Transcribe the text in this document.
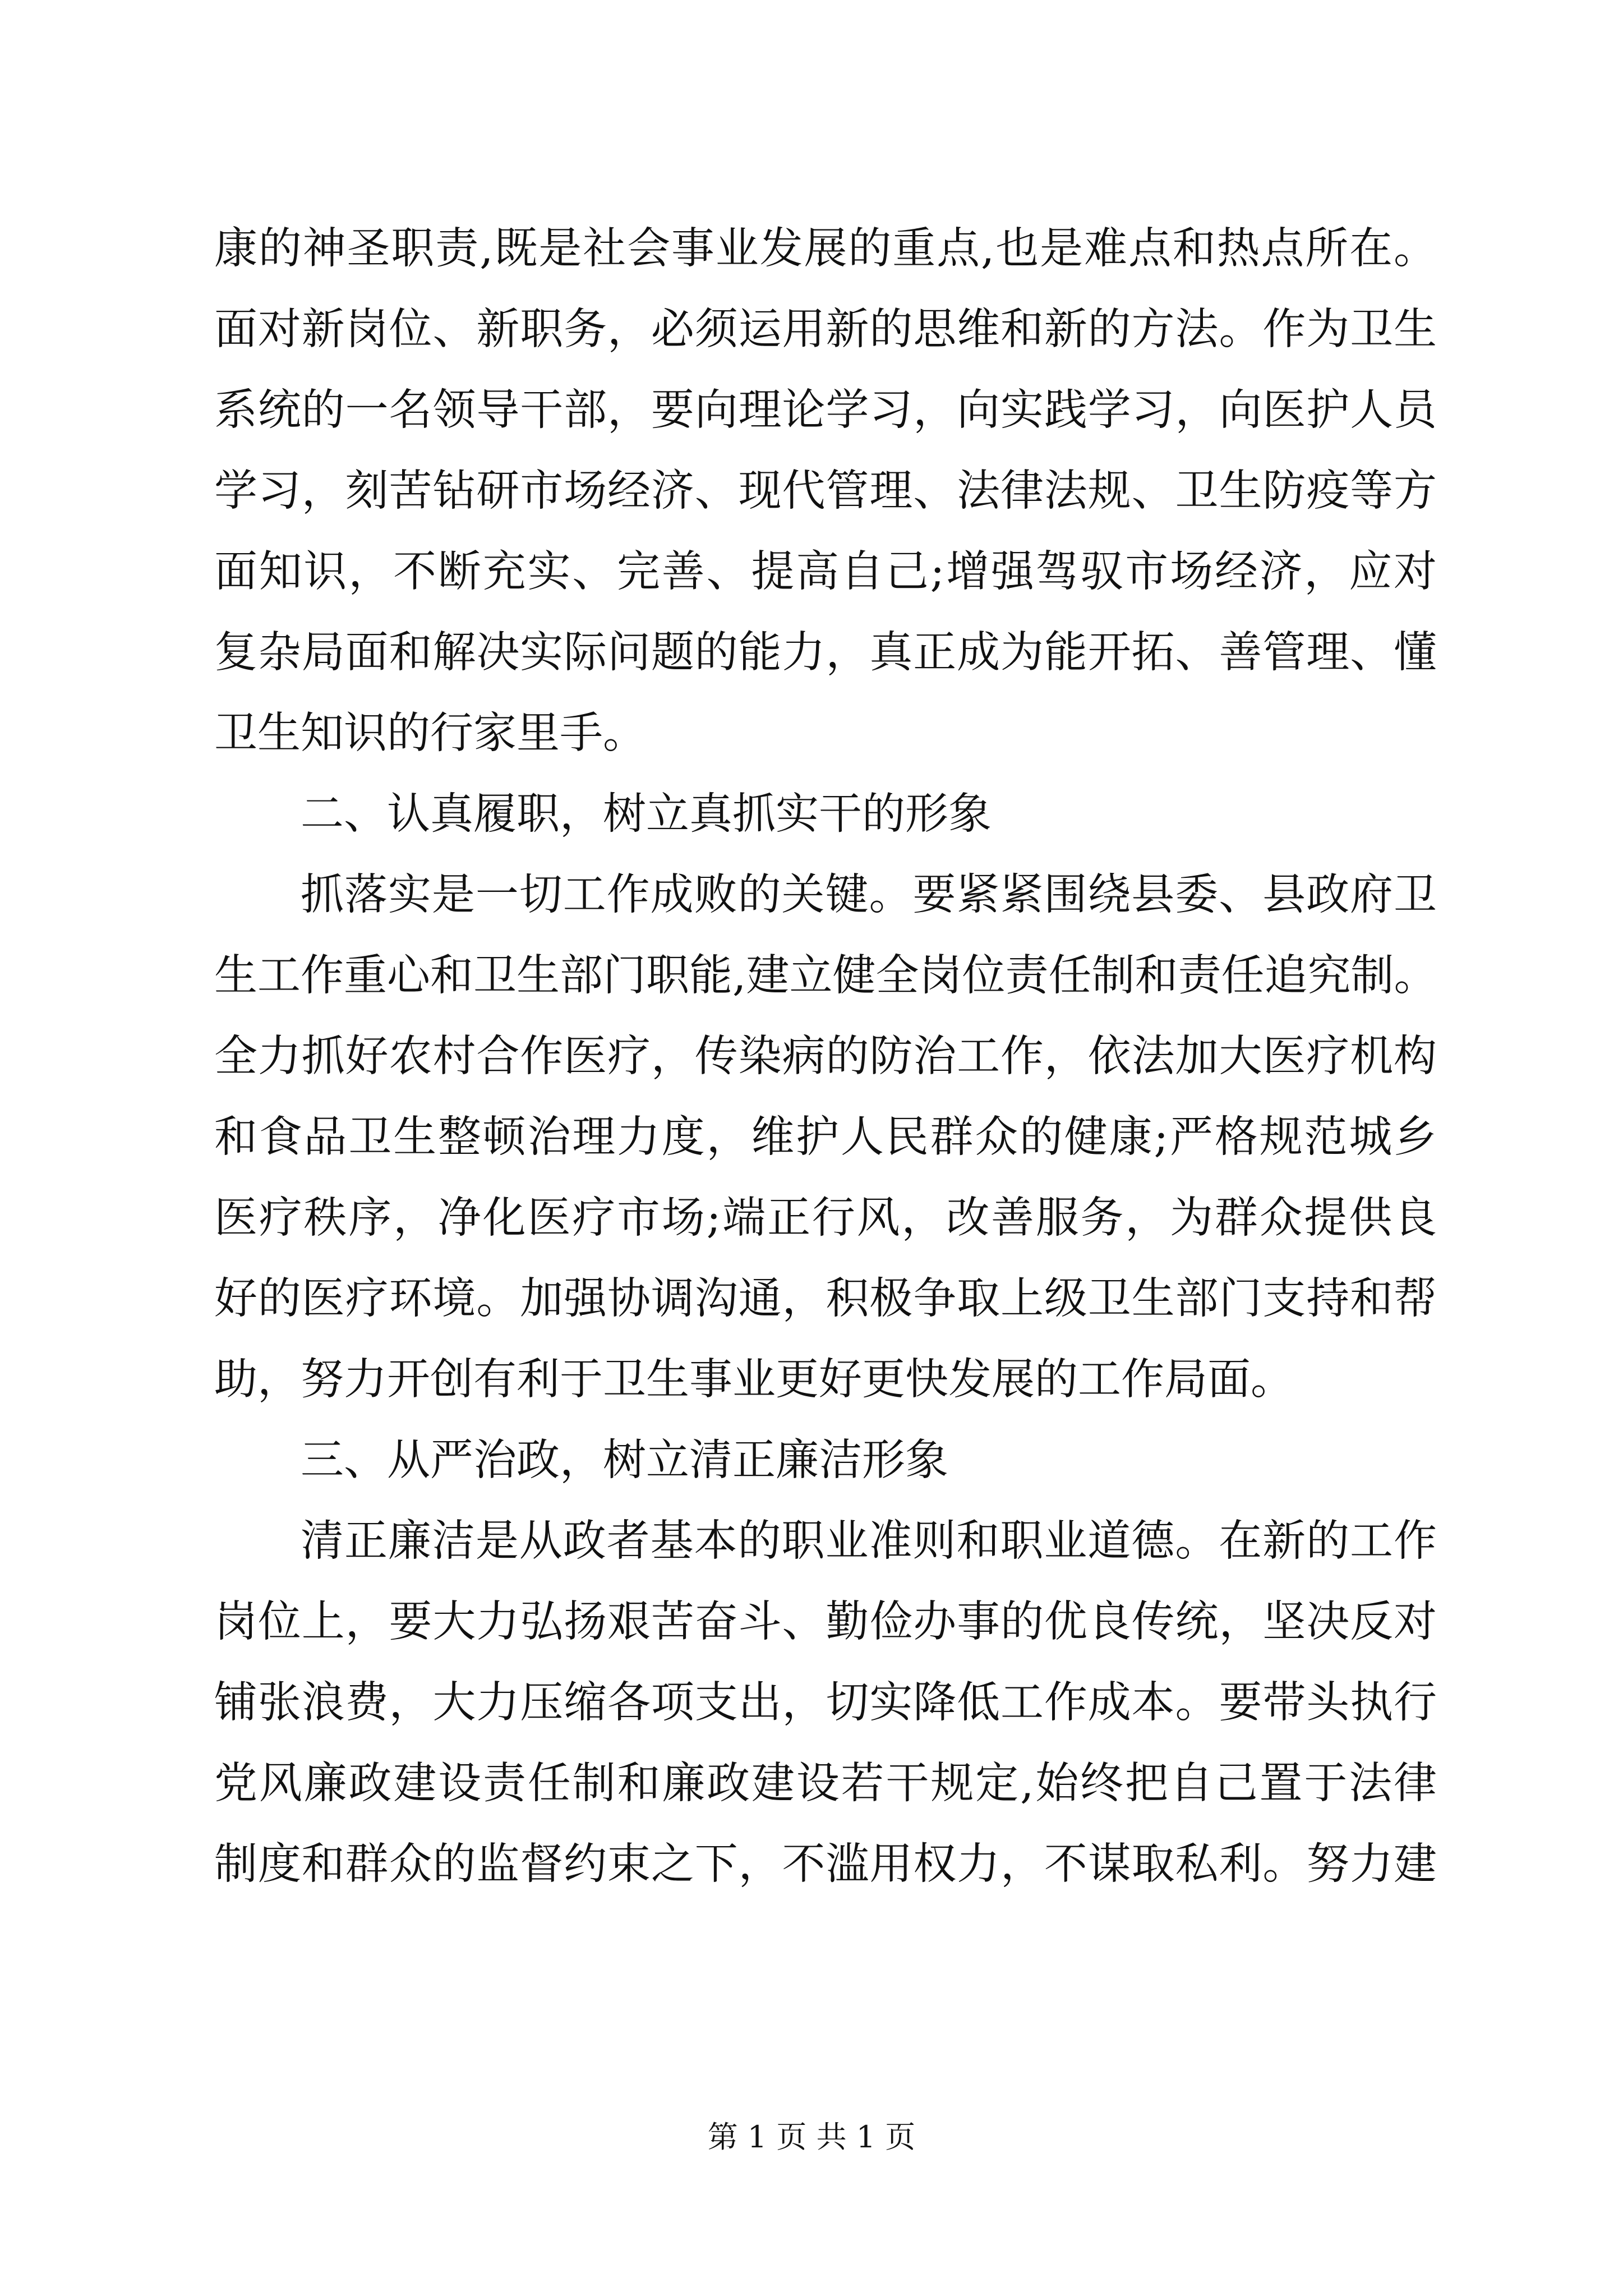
康的神圣职责,既是社会事业发展的重点,也是难点和热点所在。
面对新岗位、新职务，必须运用新的思维和新的方法。作为卫生
系统的一名领导干部，要向理论学习，向实践学习，向医护人员
学习，刻苦钻研市场经济、现代管理、法律法规、卫生防疫等方
面知识，不断充实、完善、提高自己;增强驾驭市场经济，应对
复杂局面和解决实际问题的能力，真正成为能开拓、善管理、懂
卫生知识的行家里手。
二、认真履职，树立真抓实干的形象
抓落实是一切工作成败的关键。要紧紧围绕县委、县政府卫
生工作重心和卫生部门职能,建立健全岗位责任制和责任追究制。
全力抓好农村合作医疗，传染病的防治工作，依法加大医疗机构
和食品卫生整顿治理力度，维护人民群众的健康;严格规范城乡
医疗秩序，净化医疗市场;端正行风，改善服务，为群众提供良
好的医疗环境。加强协调沟通，积极争取上级卫生部门支持和帮
助，努力开创有利于卫生事业更好更快发展的工作局面。
三、从严治政，树立清正廉洁形象
清正廉洁是从政者基本的职业准则和职业道德。在新的工作
岗位上，要大力弘扬艰苦奋斗、勤俭办事的优良传统，坚决反对
铺张浪费，大力压缩各项支出，切实降低工作成本。要带头执行
党风廉政建设责任制和廉政建设若干规定,始终把自己置于法律
制度和群众的监督约束之下，不滥用权力，不谋取私利。努力建
第 1 页 共 1 页
